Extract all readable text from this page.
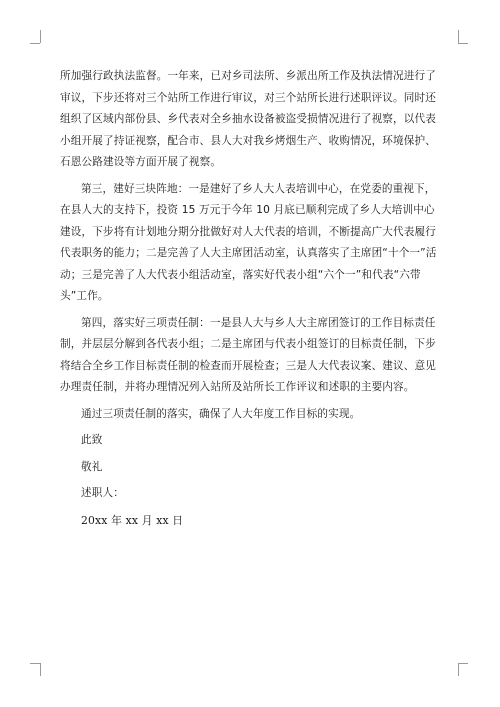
所加强行政执法监督。一年来，已对乡司法所、乡派出所工作及执法情况进行了审议，下步还将对三个站所工作进行审议，对三个站所长进行述职评议。同时还组织了区域内部份县、乡代表对全乡抽水设备被盗受损情况进行了视察，以代表小组开展了持证视察，配合市、县人大对我乡烤烟生产、收购情况，环境保护、石恩公路建设等方面开展了视察。

第三，建好三块阵地：一是建好了乡人大人表培训中心，在党委的重视下，在县人大的支持下，投资 15 万元于今年 10 月底已顺利完成了乡人大培训中心建设，下步将有计划地分期分批做好对人大代表的培训，不断提高广大代表履行代表职务的能力；二是完善了人大主席团活动室，认真落实了主席团“十个一”活动；三是完善了人大代表小组活动室，落实好代表小组“六个一”和代表“六带头”工作。

第四，落实好三项责任制：一是县人大与乡人大主席团签订的工作目标责任制，并层层分解到各代表小组；二是主席团与代表小组签订的目标责任制，下步将结合全乡工作目标责任制的检查而开展检查；三是人大代表议案、建议、意见办理责任制，并将办理情况列入站所及站所长工作评议和述职的主要内容。

通过三项责任制的落实，确保了人大年度工作目标的实现。

此致

敬礼

述职人：

20xx 年 xx 月 xx 日
